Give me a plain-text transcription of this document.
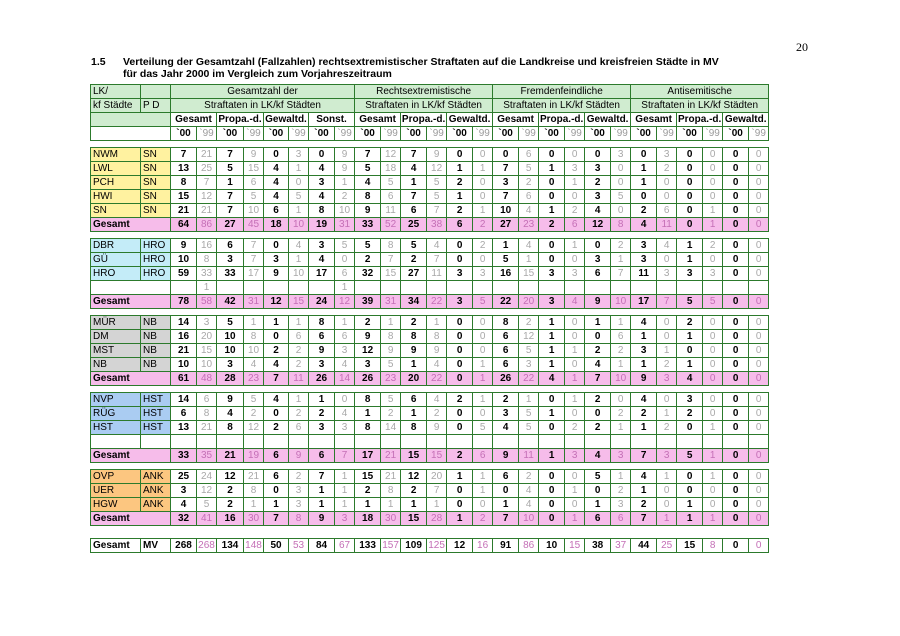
20
1.5 Verteilung der Gesamtzahl (Fallzahlen) rechtsextremistischer Straftaten auf die Landkreise und kreisfreien Städte in MV
für das Jahr 2000 im Vergleich zum Vorjahreszeitraum
LK/		Gesamtzahl der								Rechtsextremistische						Fremdenfeindliche						Antisemitische					
kf Städte	P D	Straftaten in LK/kf Städten								Straftaten in LK/kf Städten						Straftaten in LK/kf Städten						Straftaten in LK/kf Städten					
		Gesamt		Propa.-d.		Gewaltd.		Sonst.		Gesamt		Propa.-d.		Gewaltd.		Gesamt		Propa.-d.		Gewaltd.		Gesamt		Propa.-d.		Gewaltd.	
		`00	`99	`00	`99	`00	`99	`00	`99	`00	`99	`00	`99	`00	`99	`00	`99	`00	`99	`00	`99	`00	`99	`00	`99	`00	`99

NWM	SN	7	21	7	9	0	3	0	9	7	12	7	9	0	0	0	6	0	0	0	3	0	3	0	0	0	0
LWL	SN	13	25	5	15	4	1	4	9	5	18	4	12	1	1	7	5	1	3	3	0	1	2	0	0	0	0
PCH	SN	8	7	1	6	4	0	3	1	4	5	1	5	2	0	3	2	0	1	2	0	1	0	0	0	0	0
HWI	SN	15	12	7	5	4	5	4	2	8	6	7	5	1	0	7	6	0	0	3	5	0	0	0	0	0	0
SN	SN	21	21	7	10	6	1	8	10	9	11	6	7	2	1	10	4	1	2	4	0	2	6	0	1	0	0
Gesamt		64	86	27	45	18	10	19	31	33	52	25	38	6	2	27	23	2	6	12	8	4	11	0	1	0	0

DBR	HRO	9	16	6	7	0	4	3	5	5	8	5	4	0	2	1	4	0	1	0	2	3	4	1	2	0	0
GÜ	HRO	10	8	3	7	3	1	4	0	2	7	2	7	0	0	5	1	0	0	3	1	3	0	1	0	0	0
HRO	HRO	59	33	33	17	9	10	17	6	32	15	27	11	3	3	16	15	3	3	6	7	11	3	3	3	0	0
			1						1																		
Gesamt		78	58	42	31	12	15	24	12	39	31	34	22	3	5	22	20	3	4	9	10	17	7	5	5	0	0

MÜR	NB	14	3	5	1	1	1	8	1	2	1	2	1	0	0	8	2	1	0	1	1	4	0	2	0	0	0
DM	NB	16	20	10	8	0	6	6	6	9	8	8	8	0	0	6	12	1	0	0	6	1	0	1	0	0	0
MST	NB	21	15	10	10	2	2	9	3	12	9	9	9	0	0	6	5	1	1	2	2	3	1	0	0	0	0
NB	NB	10	10	3	4	4	2	3	4	3	5	1	4	0	1	6	3	1	0	4	1	1	2	1	0	0	0
Gesamt		61	48	28	23	7	11	26	14	26	23	20	22	0	1	26	22	4	1	7	10	9	3	4	0	0	0

NVP	HST	14	6	9	5	4	1	1	0	8	5	6	4	2	1	2	1	0	1	2	0	4	0	3	0	0	0
RÜG	HST	6	8	4	2	0	2	2	4	1	2	1	2	0	0	3	5	1	0	0	2	2	1	2	0	0	0
HST	HST	13	21	8	12	2	6	3	3	8	14	8	9	0	5	4	5	0	2	2	1	1	2	0	1	0	0

Gesamt		33	35	21	19	6	9	6	7	17	21	15	15	2	6	9	11	1	3	4	3	7	3	5	1	0	0

OVP	ANK	25	24	12	21	6	2	7	1	15	21	12	20	1	1	6	2	0	0	5	1	4	1	0	1	0	0
UER	ANK	3	12	2	8	0	3	1	1	2	8	2	7	0	1	0	4	0	1	0	2	1	0	0	0	0	0
HGW	ANK	4	5	2	1	1	3	1	1	1	1	1	1	0	0	1	4	0	0	1	3	2	0	1	0	0	0
Gesamt		32	41	16	30	7	8	9	3	18	30	15	28	1	2	7	10	0	1	6	6	7	1	1	1	0	0

Gesamt	MV	268	268	134	148	50	53	84	67	133	157	109	125	12	16	91	86	10	15	38	37	44	25	15	8	0	0
